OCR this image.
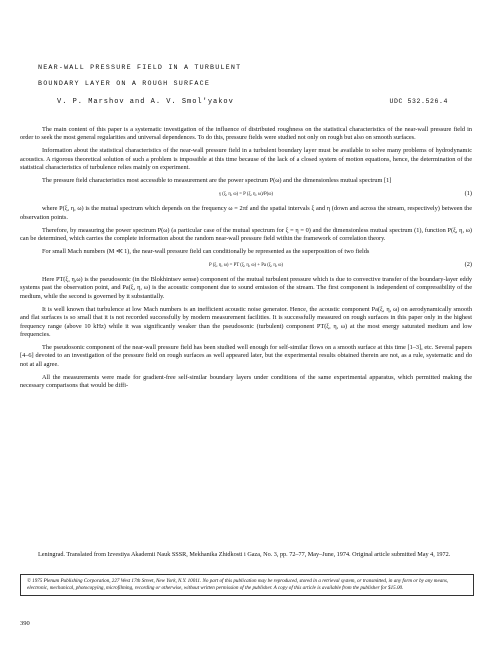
NEAR-WALL PRESSURE FIELD IN A TURBULENT
BOUNDARY LAYER ON A ROUGH SURFACE
V. P. Marshov and A. V. Smol'yakov	UDC 532.526.4

The main content of this paper is a systematic investigation of the influence of distributed roughness on the statistical characteristics of the near-wall pressure field in order to seek the most general regularities and universal dependences. To do this, pressure fields were studied not only on rough but also on smooth surfaces.

Information about the statistical characteristics of the near-wall pressure field in a turbulent boundary layer must be available to solve many problems of hydrodynamic acoustics. A rigorous theoretical solution of such a problem is impossible at this time because of the lack of a closed system of motion equations, hence, the determination of the statistical characteristics of turbulence relies mainly on experiment.

The pressure field characteristics most accessible to measurement are the power spectrum P(ω) and the dimensionless mutual spectrum [1]

γ (ξ, η, ω) = P (ξ, η, ω)/P(ω)	(1)

where P(ξ, η, ω) is the mutual spectrum which depends on the frequency ω = 2πf and the spatial intervals ξ and η (down and across the stream, respectively) between the observation points.

Therefore, by measuring the power spectrum P(ω) (a particular case of the mutual spectrum for ξ = η = 0) and the dimensionless mutual spectrum (1), function P(ξ, η, ω) can be determined, which carries the complete information about the random near-wall pressure field within the framework of correlation theory.

For small Mach numbers (M ≪ 1), the near-wall pressure field can conditionally be represented as the superposition of two fields

P (ξ, η, ω) = PT (ξ, η, ω) + Pa (ξ, η, ω)	(2)

Here PT(ξ, η,ω) is the pseudosonic (in the Blokhintsev sense) component of the mutual turbulent pressure which is due to convective transfer of the boundary-layer eddy systems past the observation point, and Pa(ξ, η, ω) is the acoustic component due to sound emission of the stream. The first component is independent of compressibility of the medium, while the second is governed by it substantially.

It is well known that turbulence at low Mach numbers is an inefficient acoustic noise generator. Hence, the acoustic component Pa(ξ, η, ω) on aerodynamically smooth and flat surfaces is so small that it is not recorded successfully by modern measurement facilities. It is successfully measured on rough surfaces in this paper only in the highest frequency range (above 10 kHz) while it was significantly weaker than the pseudosonic (turbulent) component PT(ξ, η, ω) at the most energy saturated medium and low frequencies.

The pseudosonic component of the near-wall pressure field has been studied well enough for self-similar flows on a smooth surface at this time [1–3], etc. Several papers [4–6] devoted to an investigation of the pressure field on rough surfaces as well appeared later, but the experimental results obtained therein are not, as a rule, systematic and do not at all agree.

All the measurements were made for gradient-free self-similar boundary layers under conditions of the same experimental apparatus, which permitted making the necessary comparisons that would be diffi-

Leningrad. Translated from Izvestiya Akademii Nauk SSSR, Mekhanika Zhidkosti i Gaza, No. 3, pp. 72–77, May–June, 1974. Original article submitted May 4, 1972.
© 1975 Plenum Publishing Corporation, 227 West 17th Street, New York, N.Y. 10011. No part of this publication may be reproduced, stored in a retrieval system, or transmitted, in any form or by any means, electronic, mechanical, photocopying, microfilming, recording or otherwise, without written permission of the publisher. A copy of this article is available from the publisher for $15.00.
390
